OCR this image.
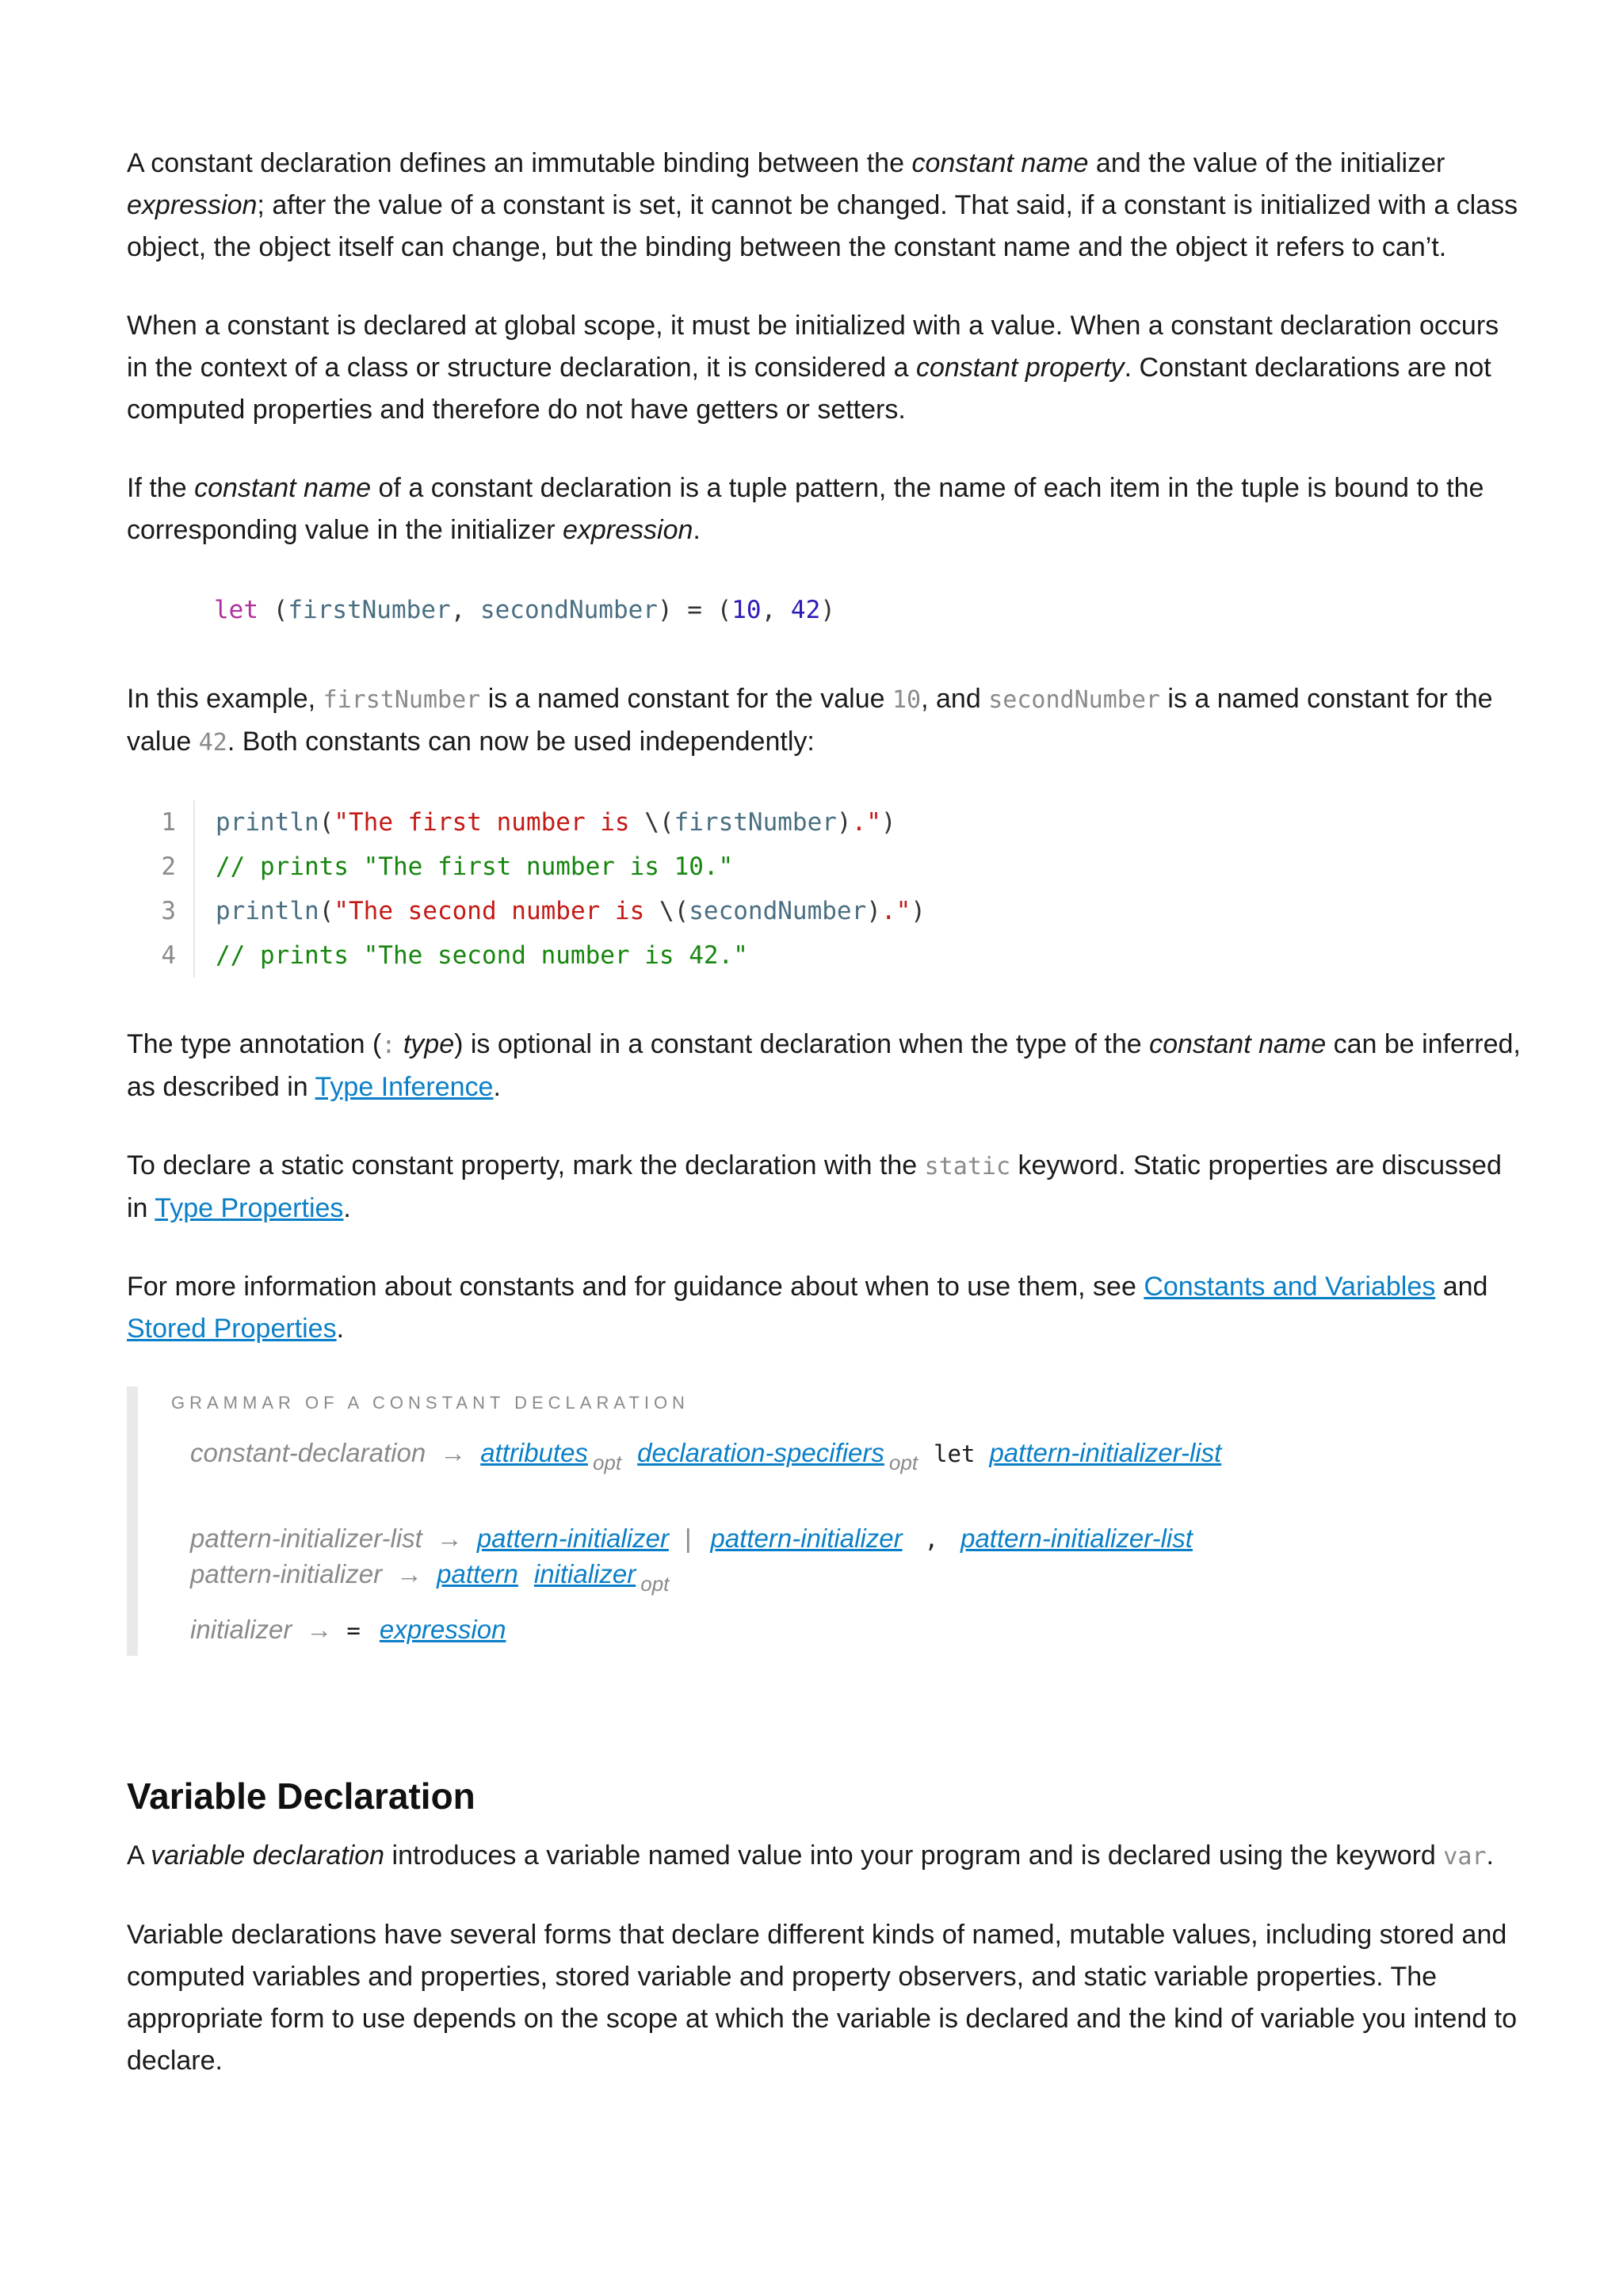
A constant declaration defines an immutable binding between the constant name and the value of the initializer expression; after the value of a constant is set, it cannot be changed. That said, if a constant is initialized with a class object, the object itself can change, but the binding between the constant name and the object it refers to can’t.

When a constant is declared at global scope, it must be initialized with a value. When a constant declaration occurs in the context of a class or structure declaration, it is considered a constant property. Constant declarations are not computed properties and therefore do not have getters or setters.

If the constant name of a constant declaration is a tuple pattern, the name of each item in the tuple is bound to the corresponding value in the initializer expression.

let ( firstNumber , secondNumber ) = ( 10 , 42 )

In this example, firstNumber is a named constant for the value 10, and secondNumber is a named constant for the value 42. Both constants can now be used independently:

1	println ( "The first number is \( firstNumber ) ." )
2	// prints "The first number is 10."
3	println ( "The second number is \( secondNumber ) ." )
4	// prints "The second number is 42."

The type annotation (: type) is optional in a constant declaration when the type of the constant name can be inferred, as described in Type Inference.

To declare a static constant property, mark the declaration with the static keyword. Static properties are discussed in Type Properties.

For more information about constants and for guidance about when to use them, see Constants and Variables and Stored Properties.

GRAMMAR OF A CONSTANT DECLARATION
constant-declaration → attributes $_{opt}$ declaration-specifiers $_{opt}$ let pattern-initializer-list
pattern-initializer-list → pattern-initializer | pattern-initializer , pattern-initializer-list
pattern-initializer → pattern initializer $_{opt}$
initializer → = expression
Variable Declaration

A variable declaration introduces a variable named value into your program and is declared using the keyword var.

Variable declarations have several forms that declare different kinds of named, mutable values, including stored and computed variables and properties, stored variable and property observers, and static variable properties. The appropriate form to use depends on the scope at which the variable is declared and the kind of variable you intend to declare.
